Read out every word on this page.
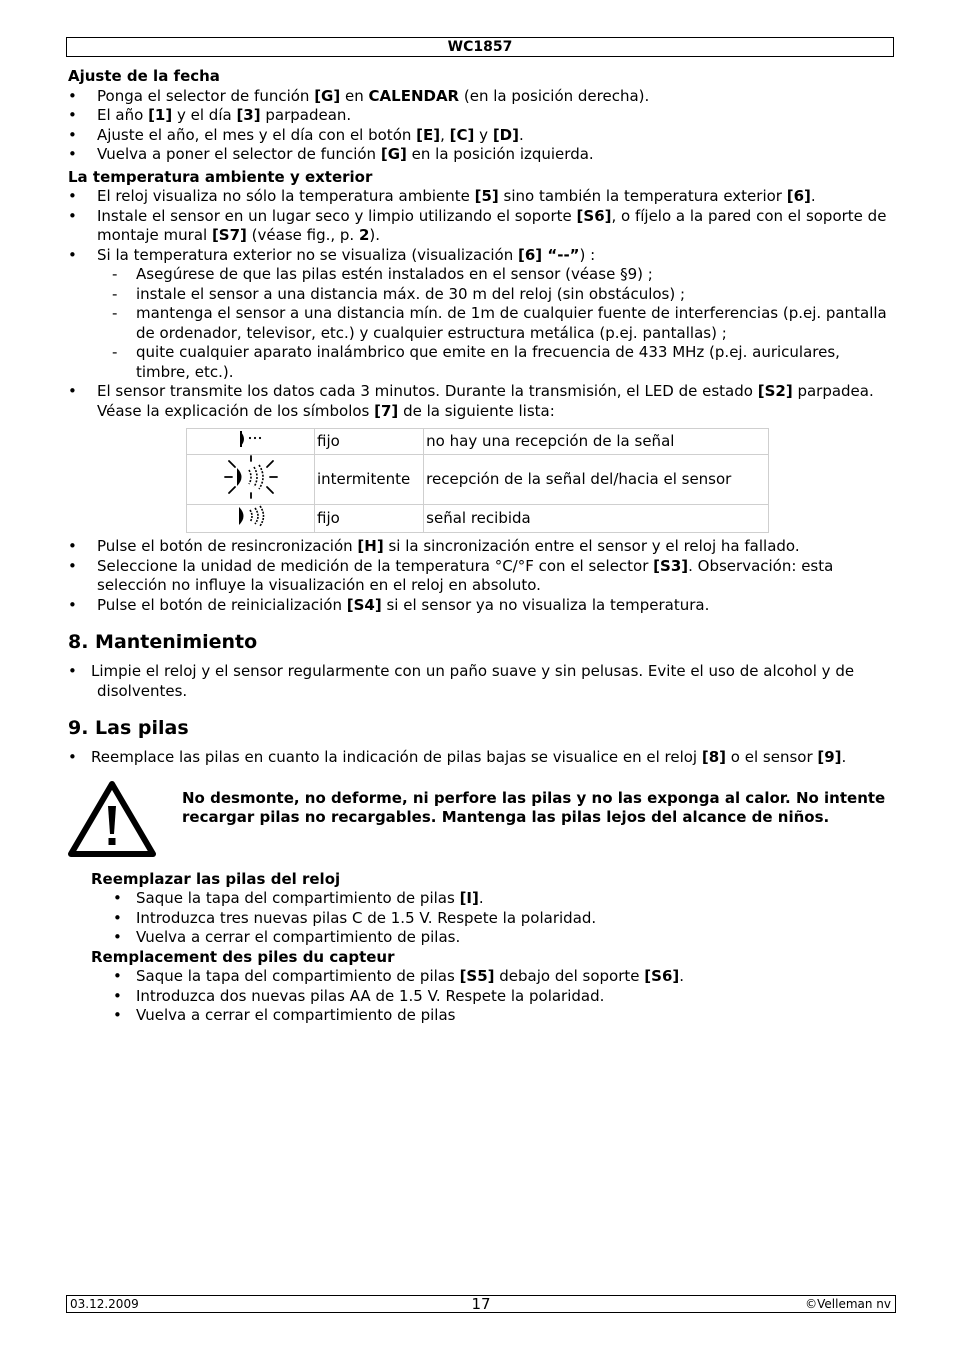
WC1857

Ajuste de la fecha

• Ponga el selector de función [G] en CALENDAR (en la posición derecha).
• El año [1] y el día [3] parpadean.
• Ajuste el año, el mes y el día con el botón [E], [C] y [D].
• Vuelva a poner el selector de función [G] en la posición izquierda.

La temperatura ambiente y exterior

• El reloj visualiza no sólo la temperatura ambiente [5] sino también la temperatura exterior [6].
• Instale el sensor en un lugar seco y limpio utilizando el soporte [S6], o fíjelo a la pared con el soporte de montaje mural [S7] (véase fig., p. 2).
• Si la temperatura exterior no se visualiza (visualización [6] “--”) :
- Asegúrese de que las pilas estén instalados en el sensor (véase §9) ;
- instale el sensor a una distancia máx. de 30 m del reloj (sin obstáculos) ;
- mantenga el sensor a una distancia mín. de 1m de cualquier fuente de interferencias (p.ej. pantalla de ordenador, televisor, etc.) y cualquier estructura metálica (p.ej. pantallas) ;
- quite cualquier aparato inalámbrico que emite en la frecuencia de 433 MHz (p.ej. auriculares, timbre, etc.).
• El sensor transmite los datos cada 3 minutos. Durante la transmisión, el LED de estado [S2] parpadea. Véase la explicación de los símbolos [7] de la siguiente lista:
	fijo	no hay una recepción de la señal
	intermitente	recepción de la señal del/hacia el sensor
	fijo	señal recibida
• Pulse el botón de resincronización [H] si la sincronización entre el sensor y el reloj ha fallado.
• Seleccione la unidad de medición de la temperatura °C/°F con el selector [S3]. Observación: esta selección no influye la visualización en el reloj en absoluto.
• Pulse el botón de reinicialización [S4] si el sensor ya no visualiza la temperatura.

8. Mantenimiento

• Limpie el reloj y el sensor regularmente con un paño suave y sin pelusas. Evite el uso de alcohol y de disolventes.

9. Las pilas

• Reemplace las pilas en cuanto la indicación de pilas bajas se visualice en el reloj [8] o el sensor [9].
No desmonte, no deforme, ni perfore las pilas y no las exponga al calor. No intente recargar pilas no recargables. Mantenga las pilas lejos del alcance de niños.

Reemplazar las pilas del reloj

• Saque la tapa del compartimiento de pilas [I].
• Introduzca tres nuevas pilas C de 1.5 V. Respete la polaridad.
• Vuelva a cerrar el compartimiento de pilas.

Remplacement des piles du capteur

• Saque la tapa del compartimiento de pilas [S5] debajo del soporte [S6].
• Introduzca dos nuevas pilas AA de 1.5 V. Respete la polaridad.
• Vuelva a cerrar el compartimiento de pilas
03.12.2009	17	©Velleman nv
